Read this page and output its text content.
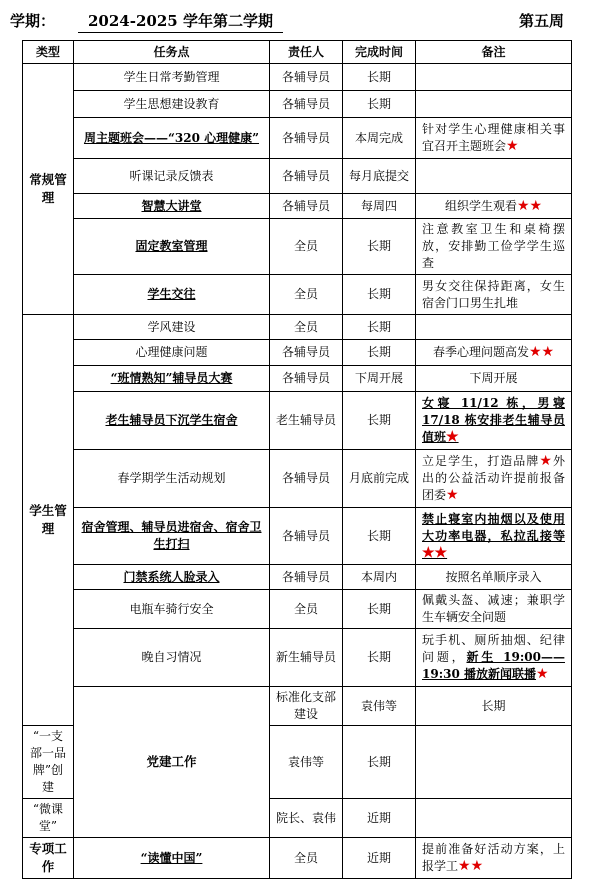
学期：	2024-2025 学年第二学期	第五周
类型	任务点	责任人	完成时间	备注	
常规管理	学生日常考勤管理	各辅导员	长期		
	学生思想建设教育	各辅导员	长期		
	周主题班会——“320 心理健康”	各辅导员	本周完成	针对学生心理健康相关事宜召开主题班会★	
	听课记录反馈表	各辅导员	每月底提交		
	智慧大讲堂	各辅导员	每周四	组织学生观看★★	
	固定教室管理	全员	长期	注意教室卫生和桌椅摆放，安排勤工俭学学生巡查	
	学生交往	全员	长期	男女交往保持距离，女生宿舍门口男生扎堆	
学生管理	学风建设	全员	长期		
	心理健康问题	各辅导员	长期	春季心理问题高发★★	
	“班情熟知”辅导员大赛	各辅导员	下周开展	下周开展	
	老生辅导员下沉学生宿舍	老生辅导员	长期	女寝 11/12 栋，男寝 17/18 栋安排老生辅导员值班★	
	春学期学生活动规划	各辅导员	月底前完成	立足学生，打造品牌★外出的公益活动许提前报备团委★	
	宿舍管理、辅导员进宿舍、宿舍卫生打扫	各辅导员	长期	禁止寝室内抽烟以及使用大功率电器，私拉乱接等★★	
	门禁系统人脸录入	各辅导员	本周内	按照名单顺序录入	
	电瓶车骑行安全	全员	长期	佩戴头盔、减速；兼职学生车辆安全问题	
	晚自习情况	新生辅导员	长期	玩手机、厕所抽烟、纪律问题，新生 19:00——19:30 播放新闻联播★	
	党建工作	标准化支部建设	袁伟等	长期	
“一支部一品牌”创建		袁伟等	长期		
“微课堂”		院长、袁伟	近期		
专项工作	“读懂中国”	全员	近期	提前准备好活动方案，上报学工★★	
